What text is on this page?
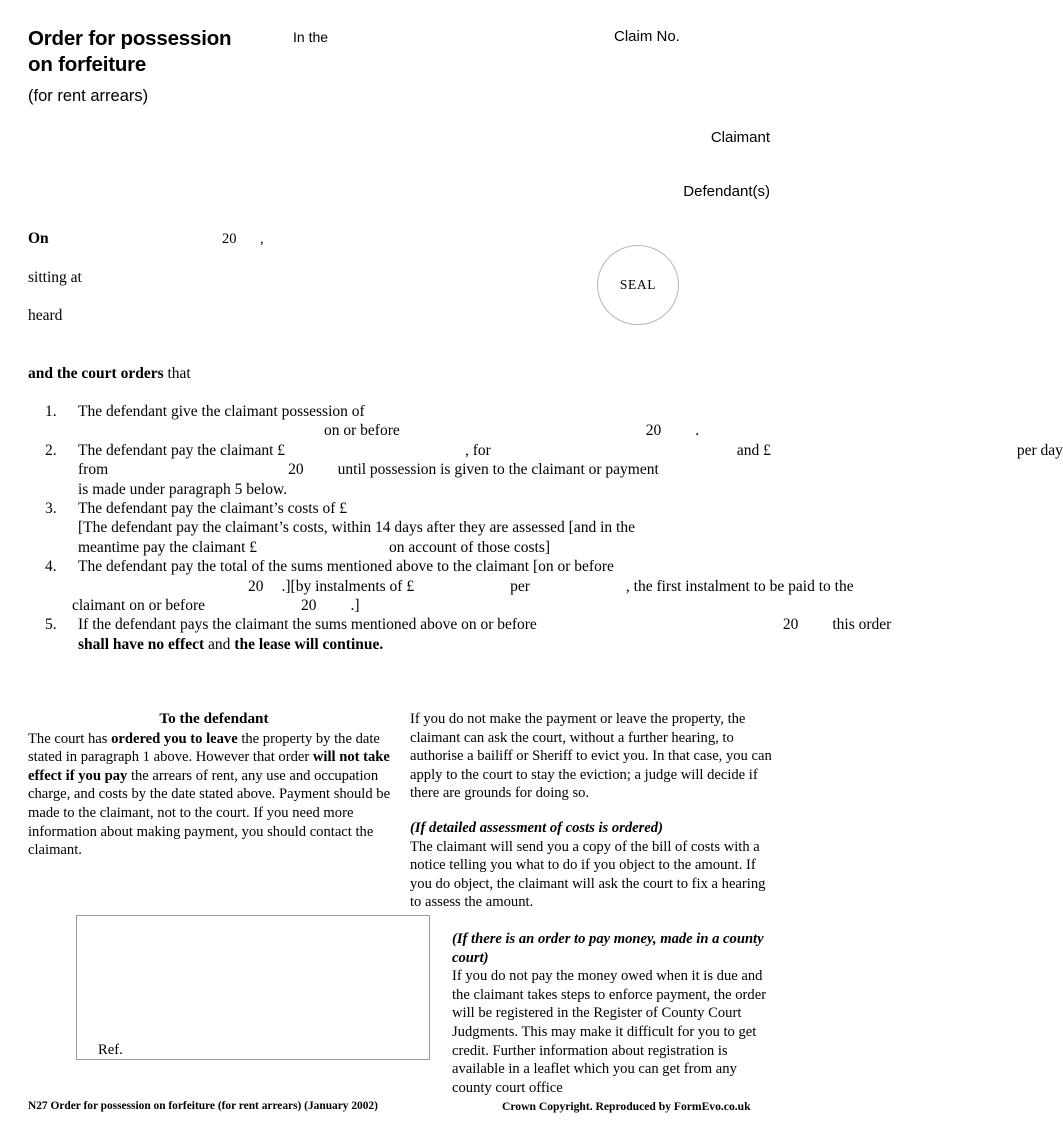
Order for possession
on forfeiture
(for rent arrears)
In the	Claim No.
Claimant
Defendant(s)
On	20 ,
sitting at
heard
SEAL
and the court orders that
1.	The defendant give the claimant possession of
on or before	20 .
2.	The defendant pay the claimant £	, for	and £	per day
from	20 until possession is given to the claimant or payment
is made under paragraph 5 below.
3.	The defendant pay the claimant’s costs of £
[The defendant pay the claimant’s costs, within 14 days after they are assessed [and in the
meantime pay the claimant £	on account of those costs]
4.	The defendant pay the total of the sums mentioned above to the claimant [on or before
20 .][by instalments of £	per	, the first instalment to be paid to the
claimant on or before	20 .]
5.	If the defendant pays the claimant the sums mentioned above on or before	20 this order
shall have no effect and the lease will continue.
To the defendant

The court has ordered you to leave the property by the date stated in paragraph 1 above. However that order will not take effect if you pay the arrears of rent, any use and occupation charge, and costs by the date stated above. Payment should be made to the claimant, not to the court. If you need more information about making payment, you should contact the claimant.

If you do not make the payment or leave the property, the claimant can ask the court, without a further hearing, to authorise a bailiff or Sheriff to evict you. In that case, you can apply to the court to stay the eviction; a judge will decide if there are grounds for doing so.

(If detailed assessment of costs is ordered)

The claimant will send you a copy of the bill of costs with a notice telling you what to do if you object to the amount. If you do object, the claimant will ask the court to fix a hearing to assess the amount.

(If there is an order to pay money, made in a county court)

If you do not pay the money owed when it is due and the claimant takes steps to enforce payment, the order will be registered in the Register of County Court Judgments. This may make it difficult for you to get credit. Further information about registration is available in a leaflet which you can get from any county court office

Ref.
N27 Order for possession on forfeiture (for rent arrears) (January 2002)	Crown Copyright. Reproduced by FormEvo.co.uk
